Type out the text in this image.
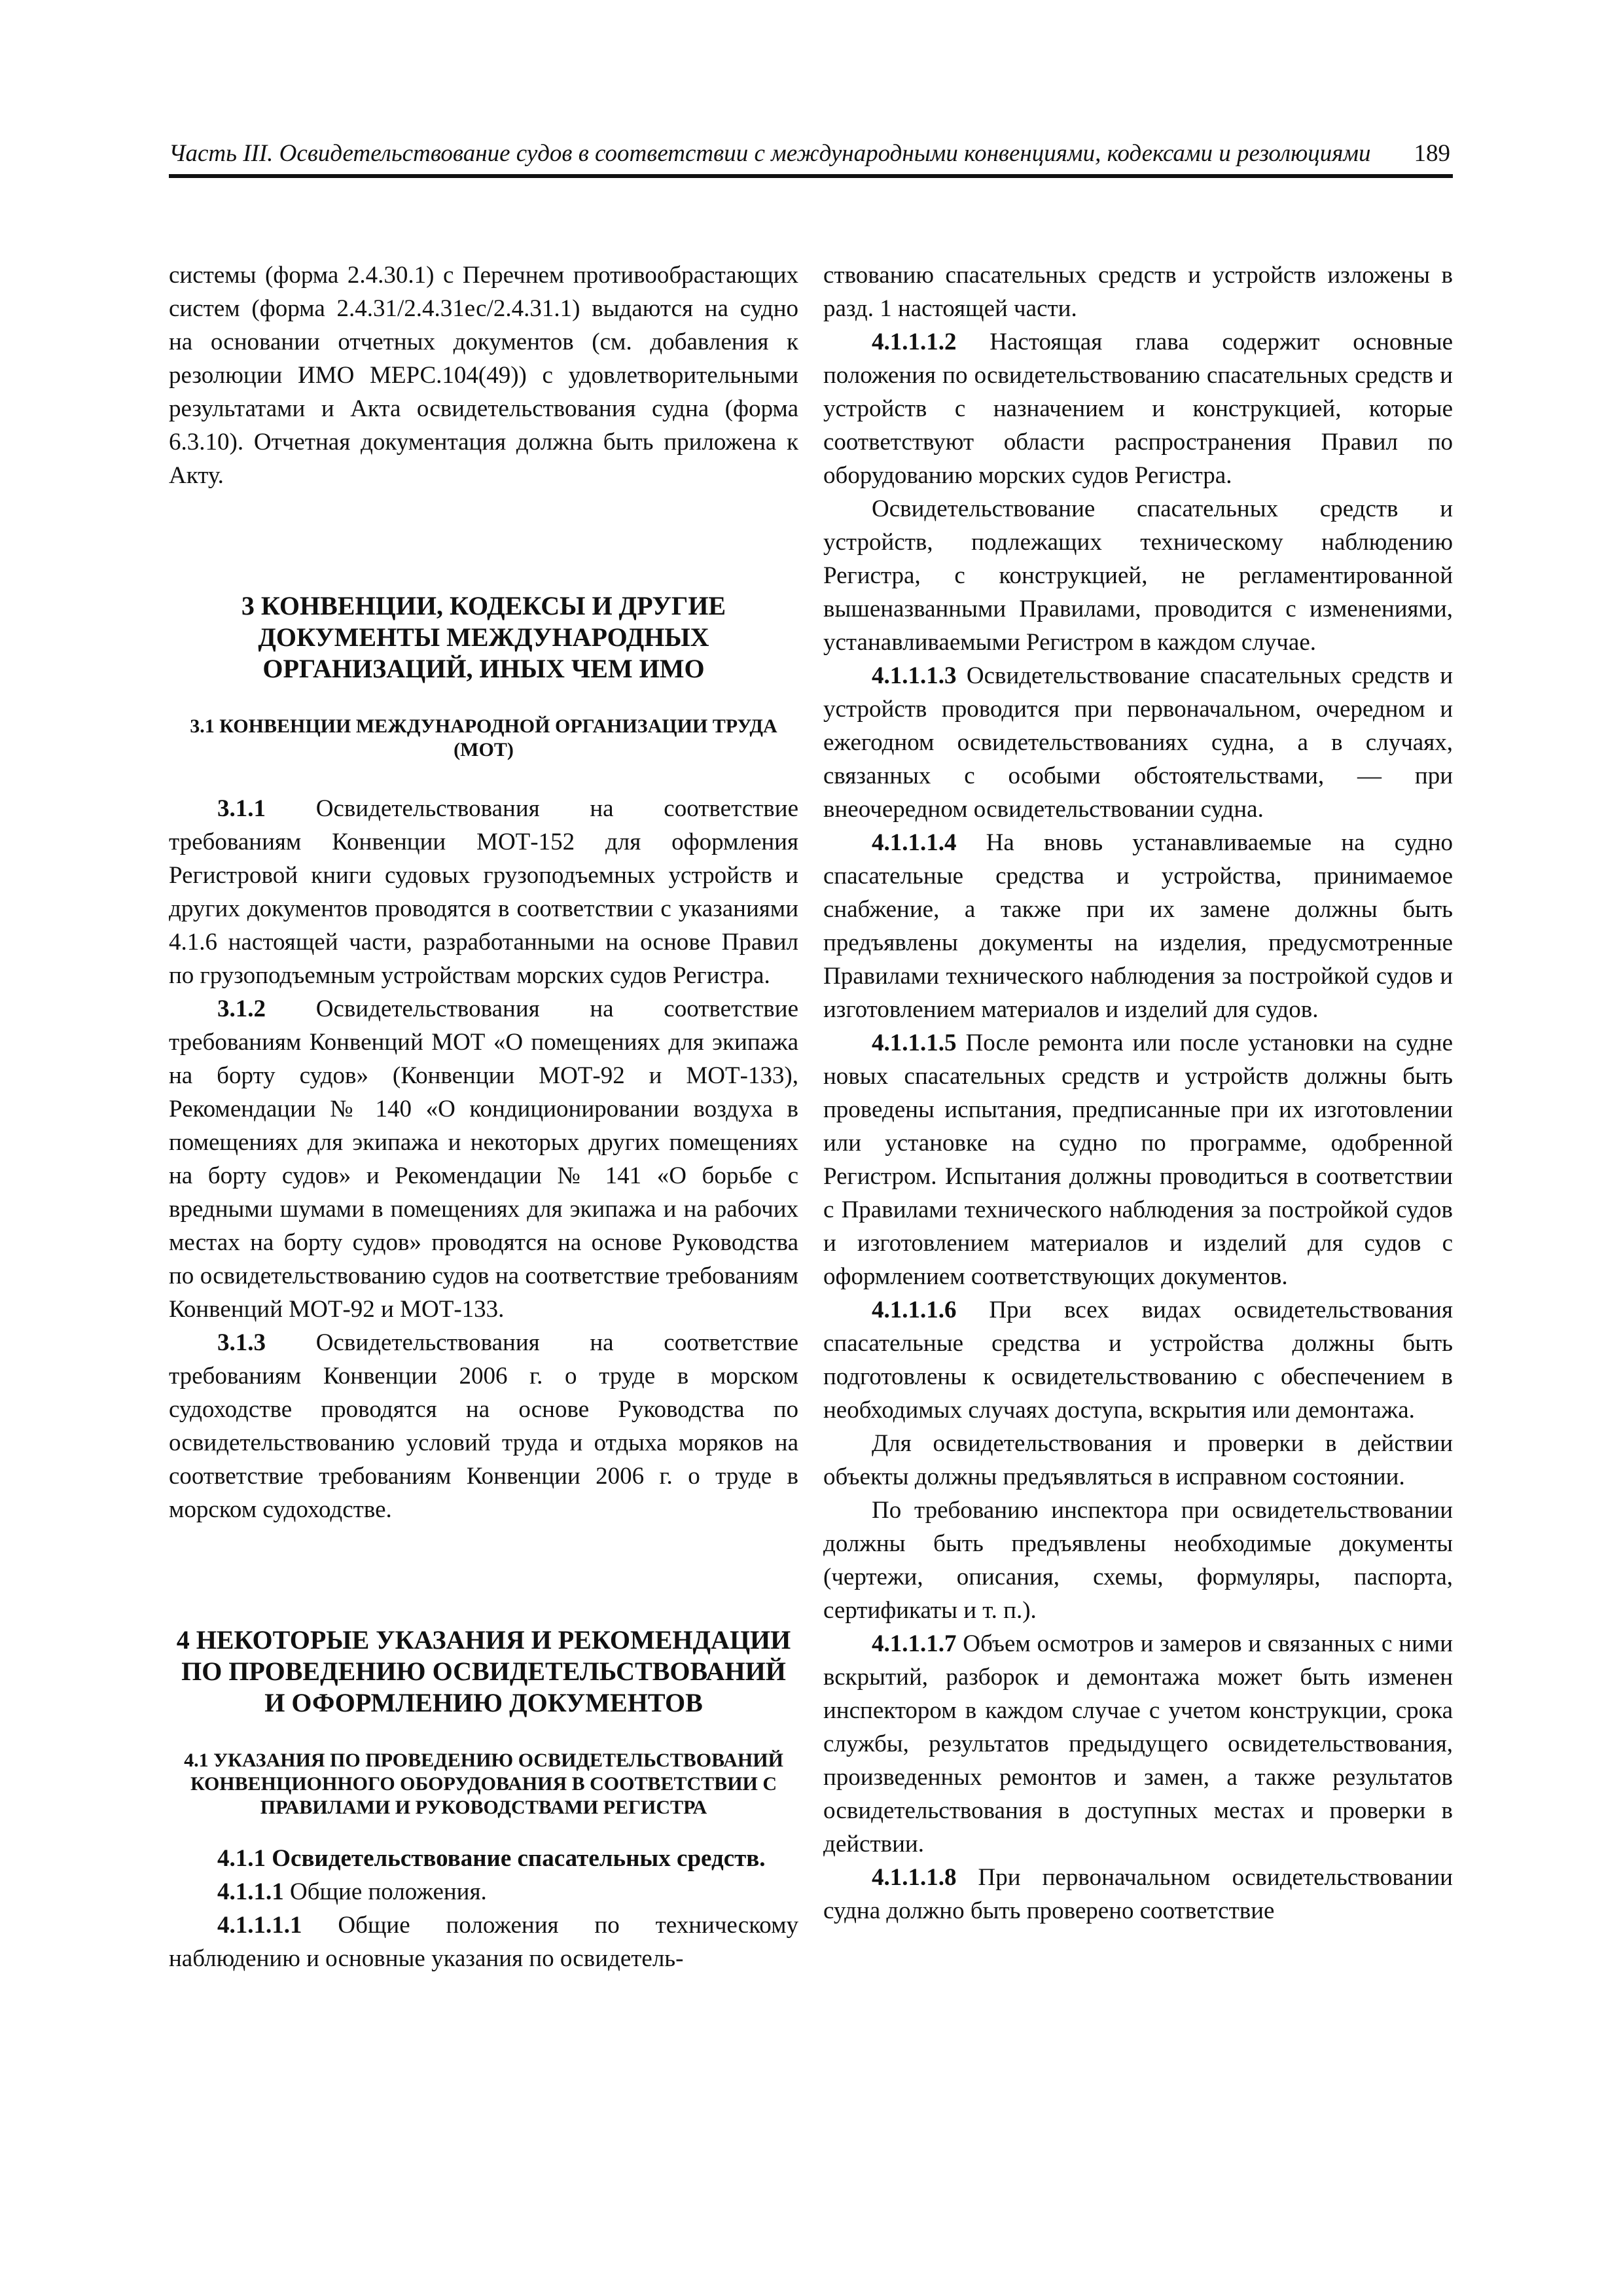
Часть III. Освидетельствование судов в соответствии с международными конвенциями, кодексами и резолюциями 189

системы (форма 2.4.30.1) с Перечнем противообрастающих систем (форма 2.4.31/2.4.31ес/2.4.31.1) выдаются на судно на основании отчетных документов (см. добавления к резолюции ИМО МЕРС.104(49)) с удовлетворительными результатами и Акта освидетельствования судна (форма 6.3.10). Отчетная документация должна быть приложена к Акту.

3 КОНВЕНЦИИ, КОДЕКСЫ И ДРУГИЕ ДОКУМЕНТЫ МЕЖДУНАРОДНЫХ ОРГАНИЗАЦИЙ, ИНЫХ ЧЕМ ИМО
3.1 КОНВЕНЦИИ МЕЖДУНАРОДНОЙ ОРГАНИЗАЦИИ ТРУДА (МОТ)

3.1.1 Освидетельствования на соответствие требованиям Конвенции МОТ-152 для оформления Регистровой книги судовых грузоподъемных устройств и других документов проводятся в соответствии с указаниями 4.1.6 настоящей части, разработанными на основе Правил по грузоподъемным устройствам морских судов Регистра.

3.1.2 Освидетельствования на соответствие требованиям Конвенций МОТ «О помещениях для экипажа на борту судов» (Конвенции МОТ-92 и МОТ-133), Рекомендации № 140 «О кондиционировании воздуха в помещениях для экипажа и некоторых других помещениях на борту судов» и Рекомендации № 141 «О борьбе с вредными шумами в помещениях для экипажа и на рабочих местах на борту судов» проводятся на основе Руководства по освидетельствованию судов на соответствие требованиям Конвенций МОТ-92 и МОТ-133.

3.1.3 Освидетельствования на соответствие требованиям Конвенции 2006 г. о труде в морском судоходстве проводятся на основе Руководства по освидетельствованию условий труда и отдыха моряков на соответствие требованиям Конвенции 2006 г. о труде в морском судоходстве.

4 НЕКОТОРЫЕ УКАЗАНИЯ И РЕКОМЕНДАЦИИ ПО ПРОВЕДЕНИЮ ОСВИДЕТЕЛЬСТВОВАНИЙ И ОФОРМЛЕНИЮ ДОКУМЕНТОВ
4.1 УКАЗАНИЯ ПО ПРОВЕДЕНИЮ ОСВИДЕТЕЛЬСТВОВАНИЙ КОНВЕНЦИОННОГО ОБОРУДОВАНИЯ В СООТВЕТСТВИИ С ПРАВИЛАМИ И РУКОВОДСТВАМИ РЕГИСТРА

4.1.1 Освидетельствование спасательных средств.

4.1.1.1 Общие положения.

4.1.1.1.1 Общие положения по техническому наблюдению и основные указания по освидетель-

ствованию спасательных средств и устройств изложены в разд. 1 настоящей части.

4.1.1.1.2 Настоящая глава содержит основные положения по освидетельствованию спасательных средств и устройств с назначением и конструкцией, которые соответствуют области распространения Правил по оборудованию морских судов Регистра.

Освидетельствование спасательных средств и устройств, подлежащих техническому наблюдению Регистра, с конструкцией, не регламентированной вышеназванными Правилами, проводится с изменениями, устанавливаемыми Регистром в каждом случае.

4.1.1.1.3 Освидетельствование спасательных средств и устройств проводится при первоначальном, очередном и ежегодном освидетельствованиях судна, а в случаях, связанных с особыми обстоятельствами, — при внеочередном освидетельствовании судна.

4.1.1.1.4 На вновь устанавливаемые на судно спасательные средства и устройства, принимаемое снабжение, а также при их замене должны быть предъявлены документы на изделия, предусмотренные Правилами технического наблюдения за постройкой судов и изготовлением материалов и изделий для судов.

4.1.1.1.5 После ремонта или после установки на судне новых спасательных средств и устройств должны быть проведены испытания, предписанные при их изготовлении или установке на судно по программе, одобренной Регистром. Испытания должны проводиться в соответствии с Правилами технического наблюдения за постройкой судов и изготовлением материалов и изделий для судов с оформлением соответствующих документов.

4.1.1.1.6 При всех видах освидетельствования спасательные средства и устройства должны быть подготовлены к освидетельствованию с обеспечением в необходимых случаях доступа, вскрытия или демонтажа.

Для освидетельствования и проверки в действии объекты должны предъявляться в исправном состоянии.

По требованию инспектора при освидетельствовании должны быть предъявлены необходимые документы (чертежи, описания, схемы, формуляры, паспорта, сертификаты и т. п.).

4.1.1.1.7 Объем осмотров и замеров и связанных с ними вскрытий, разборок и демонтажа может быть изменен инспектором в каждом случае с учетом конструкции, срока службы, результатов предыдущего освидетельствования, произведенных ремонтов и замен, а также результатов освидетельствования в доступных местах и проверки в действии.

4.1.1.1.8 При первоначальном освидетельствовании судна должно быть проверено соответствие
